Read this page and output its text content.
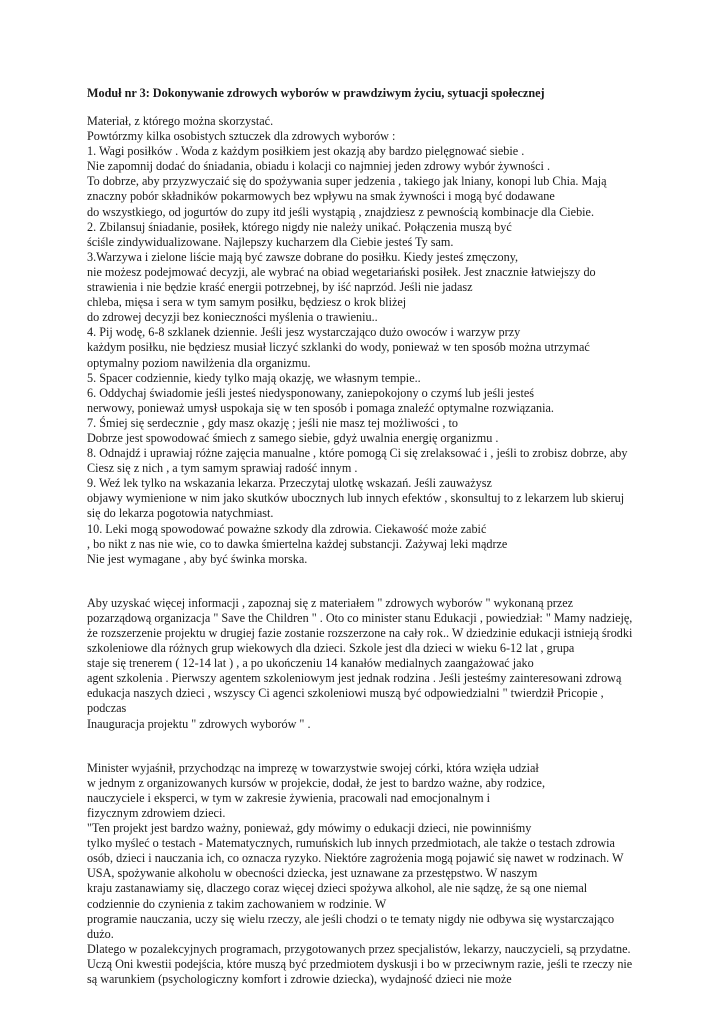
Moduł nr 3: Dokonywanie zdrowych wyborów w prawdziwym życiu, sytuacji społecznej

Materiał, z którego można skorzystać.

Powtórzmy kilka osobistych sztuczek dla zdrowych wyborów :

1. Wagi posiłków . Woda z każdym posiłkiem jest okazją aby bardzo pielęgnować siebie .

Nie zapomnij dodać do śniadania, obiadu i kolacji co najmniej jeden zdrowy wybór żywności .

To dobrze, aby przyzwyczaić się do spożywania super jedzenia , takiego jak lniany, konopi lub Chia. Mają

znaczny pobór składników pokarmowych bez wpływu na smak żywności i mogą być dodawane

do wszystkiego, od jogurtów do zupy itd jeśli wystąpią , znajdziesz z pewnością kombinacje dla Ciebie.

2. Zbilansuj śniadanie, posiłek, którego nigdy nie należy unikać. Połączenia muszą być

ściśle zindywidualizowane. Najlepszy kucharzem dla Ciebie jesteś Ty sam.

3.Warzywa i zielone liście mają być zawsze dobrane do posiłku. Kiedy jesteś zmęczony,

nie możesz podejmować decyzji, ale wybrać na obiad wegetariański posiłek. Jest znacznie łatwiejszy do

strawienia i nie będzie kraść energii potrzebnej, by iść naprzód. Jeśli nie jadasz

chleba, mięsa i sera w tym samym posiłku, będziesz o krok bliżej

do zdrowej decyzji bez konieczności myślenia o trawieniu..

4. Pij wodę, 6-8 szklanek dziennie. Jeśli jesz wystarczająco dużo owoców i warzyw przy

każdym posiłku, nie będziesz musiał liczyć szklanki do wody, ponieważ w ten sposób można utrzymać

optymalny poziom nawilżenia dla organizmu.

5. Spacer codziennie, kiedy tylko mają okazję, we własnym tempie..

6. Oddychaj świadomie jeśli jesteś niedysponowany, zaniepokojony o czymś lub jeśli jesteś

nerwowy, ponieważ umysł uspokaja się w ten sposób i pomaga znaleźć optymalne rozwiązania.

7. Śmiej się serdecznie , gdy masz okazję ; jeśli nie masz tej możliwości , to

Dobrze jest spowodować śmiech z samego siebie, gdyż uwalnia energię organizmu .

8. Odnajdź i uprawiaj różne zajęcia manualne , które pomogą Ci się zrelaksować i , jeśli to zrobisz dobrze, aby

Ciesz się z nich , a tym samym sprawiaj radość innym .

9. Weź lek tylko na wskazania lekarza. Przeczytaj ulotkę wskazań. Jeśli zauważysz

objawy wymienione w nim jako skutków ubocznych lub innych efektów , skonsultuj to z lekarzem lub skieruj

się do lekarza pogotowia natychmiast.

10. Leki mogą spowodować poważne szkody dla zdrowia. Ciekawość może zabić

, bo nikt z nas nie wie, co to dawka śmiertelna każdej substancji. Zażywaj leki mądrze

Nie jest wymagane , aby być świnka morska.

Aby uzyskać więcej informacji , zapoznaj się z materiałem " zdrowych wyborów " wykonaną przez

pozarządową organizacja " Save the Children " . Oto co minister stanu Edukacji , powiedział: " Mamy nadzieję,

że rozszerzenie projektu w drugiej fazie zostanie rozszerzone na cały rok.. W dziedzinie edukacji istnieją środki

szkoleniowe dla różnych grup wiekowych dla dzieci. Szkole jest dla dzieci w wieku 6-12 lat , grupa

staje się trenerem ( 12-14 lat ) , a po ukończeniu 14 kanałów medialnych zaangażować jako

agent szkolenia . Pierwszy agentem szkoleniowym jest jednak rodzina . Jeśli jesteśmy zainteresowani zdrową

edukacja naszych dzieci , wszyscy Ci agenci szkoleniowi muszą być odpowiedzialni " twierdził Pricopie ,

podczas

Inauguracja projektu " zdrowych wyborów " .

Minister wyjaśnił, przychodząc na imprezę w towarzystwie swojej córki, która wzięła udział

w jednym z organizowanych kursów w projekcie, dodał, że jest to bardzo ważne, aby rodzice,

nauczyciele i eksperci, w tym w zakresie żywienia, pracowali nad emocjonalnym i

fizycznym zdrowiem dzieci.

"Ten projekt jest bardzo ważny, ponieważ, gdy mówimy o edukacji dzieci, nie powinniśmy

tylko myśleć o testach - Matematycznych, rumuńskich lub innych przedmiotach, ale także o testach zdrowia

osób, dzieci i nauczania ich, co oznacza ryzyko. Niektóre zagrożenia mogą pojawić się nawet w rodzinach. W

USA, spożywanie alkoholu w obecności dziecka, jest uznawane za przestępstwo. W naszym

kraju zastanawiamy się, dlaczego coraz więcej dzieci spożywa alkohol, ale nie sądzę, że są one niemal

codziennie do czynienia z takim zachowaniem w rodzinie. W

programie nauczania, uczy się wielu rzeczy, ale jeśli chodzi o te tematy nigdy nie odbywa się wystarczająco

dużo.

Dlatego w pozalekcyjnych programach, przygotowanych przez specjalistów, lekarzy, nauczycieli, są przydatne.

Uczą Oni kwestii podejścia, które muszą być przedmiotem dyskusji i bo w przeciwnym razie, jeśli te rzeczy nie

są warunkiem (psychologiczny komfort i zdrowie dziecka), wydajność dzieci nie może
